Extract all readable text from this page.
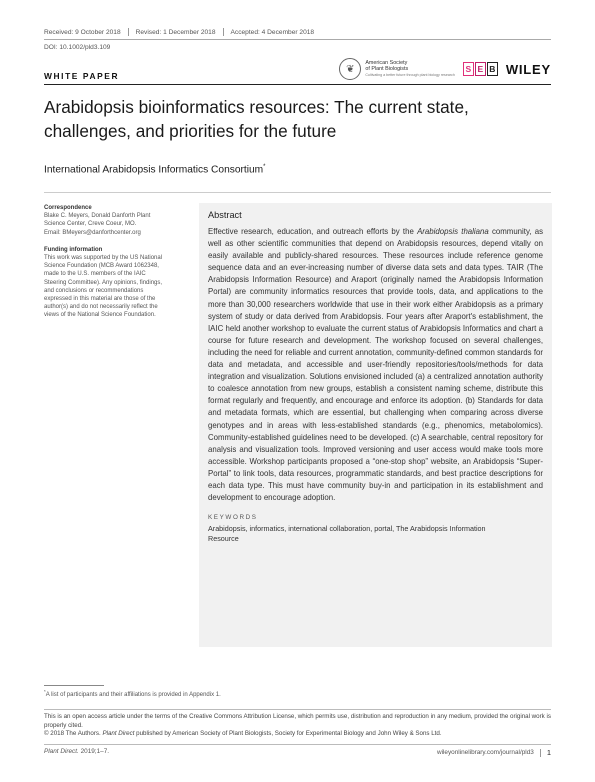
Received: 9 October 2018 Revised: 1 December 2018 Accepted: 4 December 2018
DOI: 10.1002/pld3.109
WHITE PAPER
❦
American Society
of Plant Biologists
Cultivating a better future through plant biology research
S E B WILEY
Arabidopsis bioinformatics resources: The current state, challenges, and priorities for the future
International Arabidopsis Informatics Consortium*

Correspondence
Blake C. Meyers, Donald Danforth Plant
Science Center, Creve Coeur, MO.
Email: BMeyers@danforthcenter.org

Funding information
This work was supported by the US National
Science Foundation (MCB Award 1062348,
made to the U.S. members of the IAIC
Steering Committee). Any opinions, findings,
and conclusions or recommendations
expressed in this material are those of the
author(s) and do not necessarily reflect the
views of the National Science Foundation.

Abstract

Effective research, education, and outreach efforts by the Arabidopsis thaliana community, as well as other scientific communities that depend on Arabidopsis resources, depend vitally on easily available and publicly-shared resources. These resources include reference genome sequence data and an ever-increasing number of diverse data sets and data types. TAIR (The Arabidopsis Information Resource) and Araport (originally named the Arabidopsis Information Portal) are community informatics resources that provide tools, data, and applications to the more than 30,000 researchers worldwide that use in their work either Arabidopsis as a primary system of study or data derived from Arabidopsis. Four years after Araport's establishment, the IAIC held another workshop to evaluate the current status of Arabidopsis Informatics and chart a course for future research and development. The workshop focused on several challenges, including the need for reliable and current annotation, community-defined common standards for data and metadata, and accessible and user-friendly repositories/tools/methods for data integration and visualization. Solutions envisioned included (a) a centralized annotation authority to coalesce annotation from new groups, establish a consistent naming scheme, distribute this format regularly and frequently, and encourage and enforce its adoption. (b) Standards for data and metadata formats, which are essential, but challenging when comparing across diverse genotypes and in areas with less-established standards (e.g., phenomics, metabolomics). Community-established guidelines need to be developed. (c) A searchable, central repository for analysis and visualization tools. Improved versioning and user access would make tools more accessible. Workshop participants proposed a “one-stop shop” website, an Arabidopsis “Super-Portal” to link tools, data resources, programmatic standards, and best practice descriptions for each data type. This must have community buy-in and participation in its establishment and development to encourage adoption.

KEYWORDS
Arabidopsis, informatics, international collaboration, portal, The Arabidopsis Information Resource
*A list of participants and their affiliations is provided in Appendix 1.
This is an open access article under the terms of the Creative Commons Attribution License, which permits use, distribution and reproduction in any medium, provided the original work is properly cited.
© 2018 The Authors. Plant Direct published by American Society of Plant Biologists, Society for Experimental Biology and John Wiley & Sons Ltd.
Plant Direct. 2019;1–7.	wileyonlinelibrary.com/journal/pld3 1
